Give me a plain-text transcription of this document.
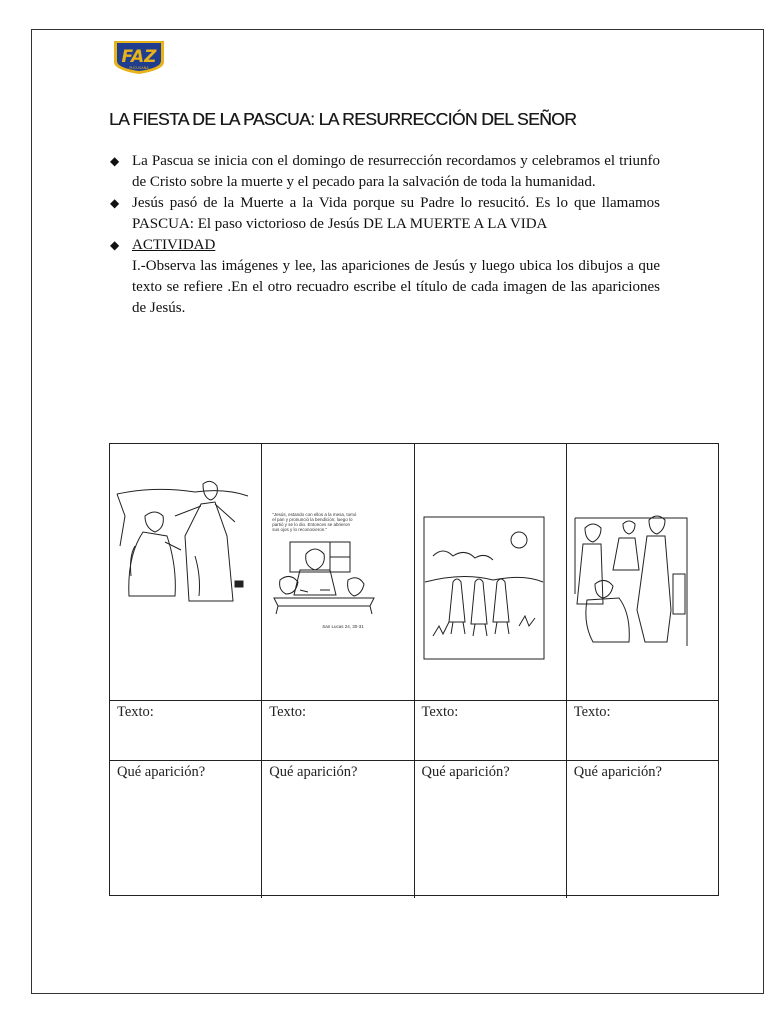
FAZ
PUCUSANA
LA FIESTA DE LA PASCUA: LA RESURRECCIÓN DEL SEÑOR
◆ La Pascua se inicia con el domingo de resurrección recordamos y celebramos el triunfo de Cristo sobre la muerte y el pecado para la salvación de toda la humanidad.
◆ Jesús pasó de la Muerte a la Vida porque su Padre lo resucitó. Es lo que llamamos PASCUA: El paso victorioso de Jesús DE LA MUERTE A LA VIDA
◆ ACTIVIDAD
I.-Observa las imágenes y lee, las apariciones de Jesús y luego ubica los dibujos a que texto se refiere .En el otro recuadro escribe el título de cada imagen de las apariciones de Jesús.
"Jesús, estando con ellos a la mesa, tomó el pan y pronunció la bendición; luego lo partió y se lo dio. Entonces se abrieron sus ojos y lo reconocieron."
San Lucas 24, 30-31
Texto:	Texto:	Texto:	Texto:
Qué aparición?	Qué aparición?	Qué aparición?	Qué aparición?
